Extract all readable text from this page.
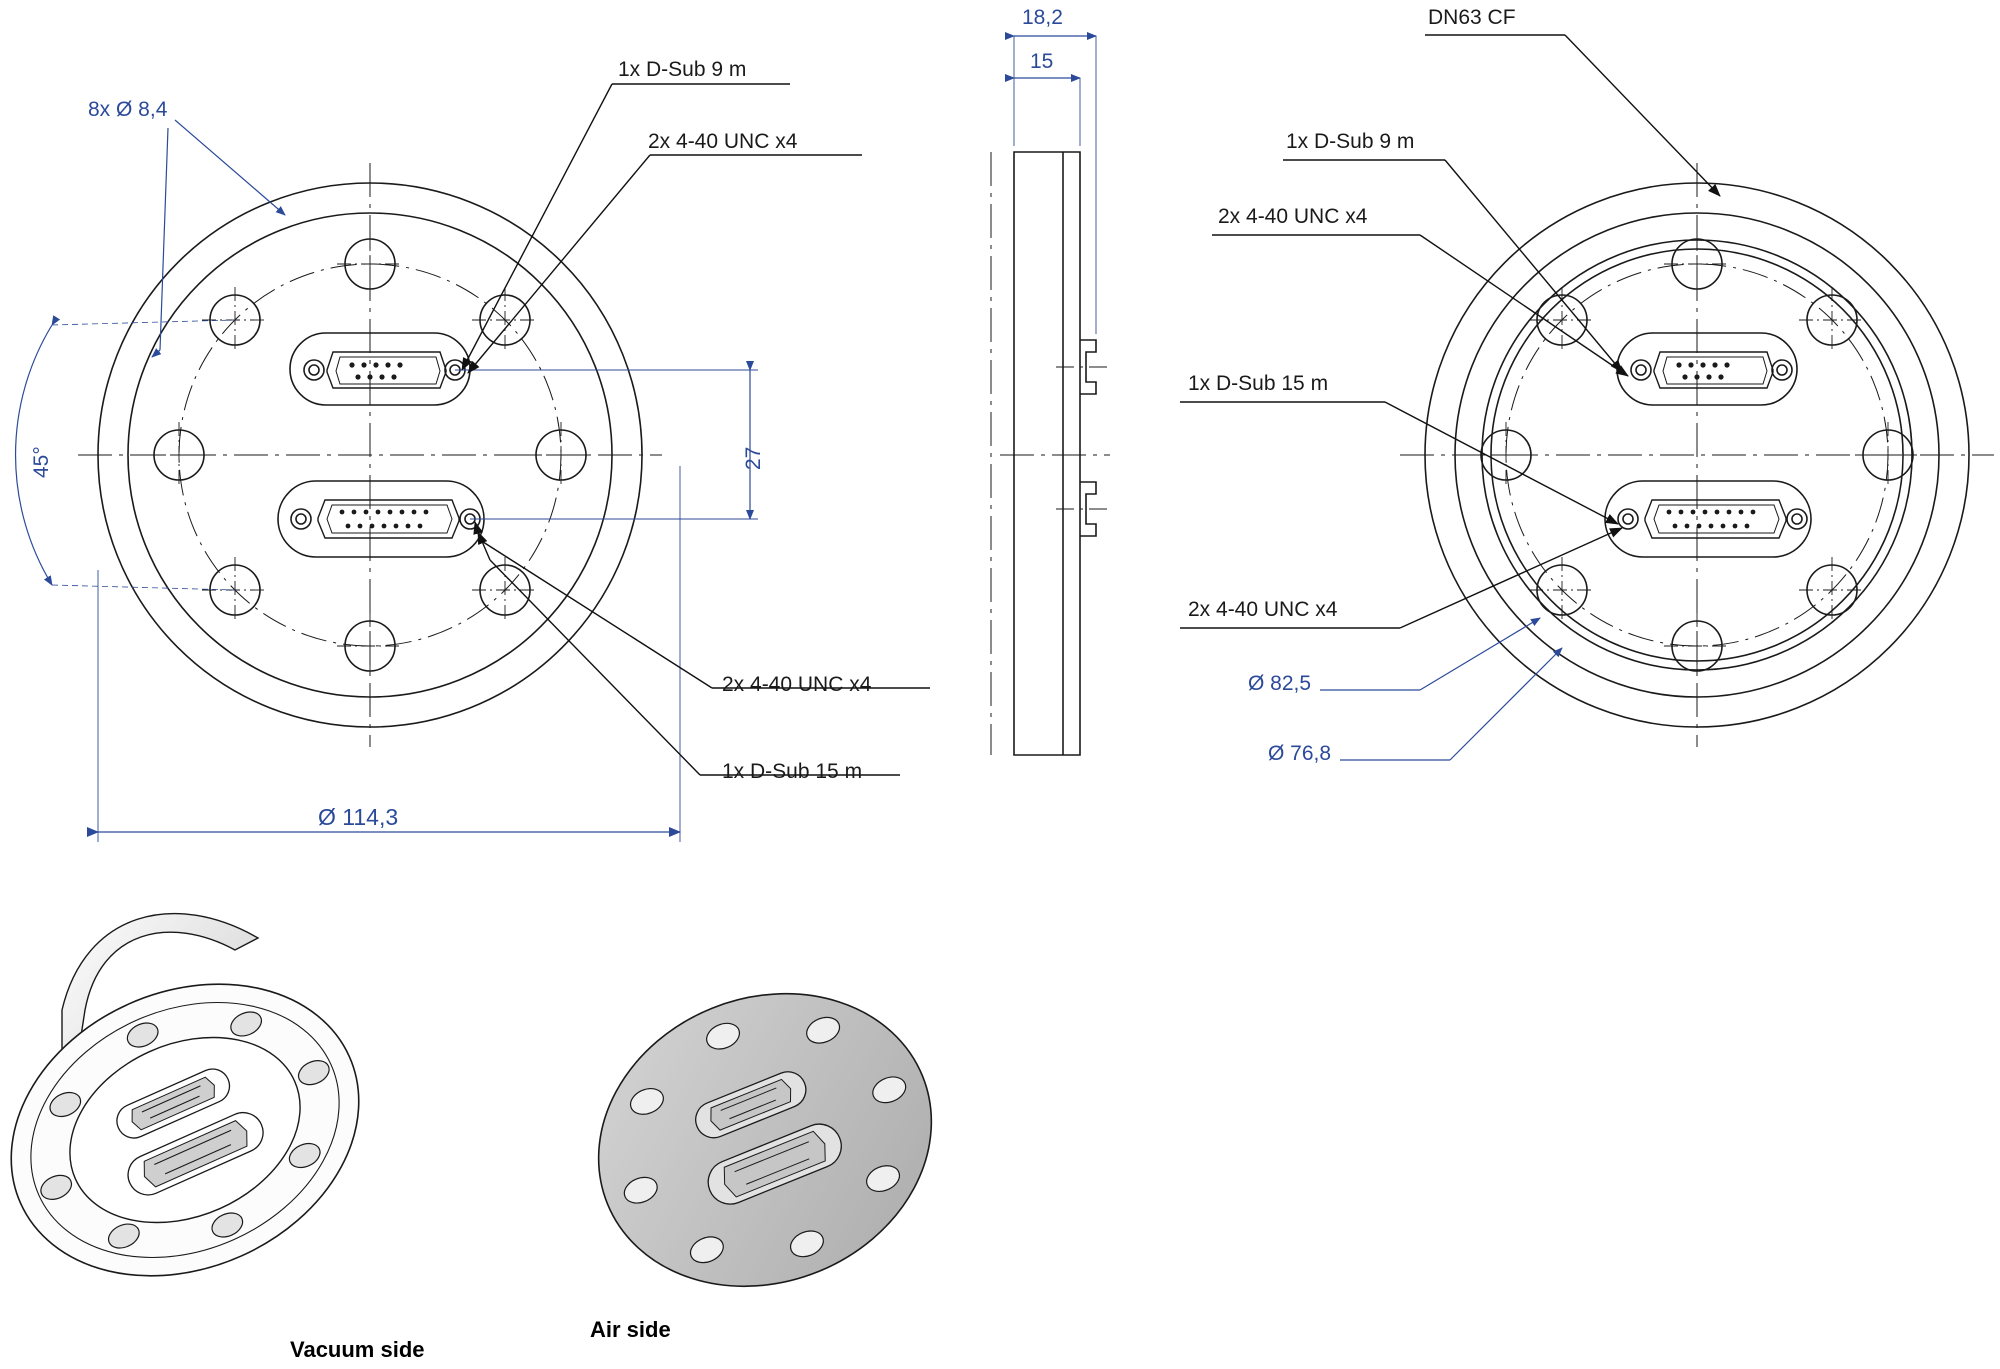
8x Ø 8,4
45°
1x D-Sub 9 m
2x 4-40 UNC x4
27
2x 4-40 UNC x4
1x D-Sub 15 m
Ø 114,3
18,2
15
DN63 CF
1x D-Sub 9 m
2x 4-40 UNC x4
1x D-Sub 15 m
2x 4-40 UNC x4
Ø 82,5
Ø 76,8
Vacuum side
Air side
